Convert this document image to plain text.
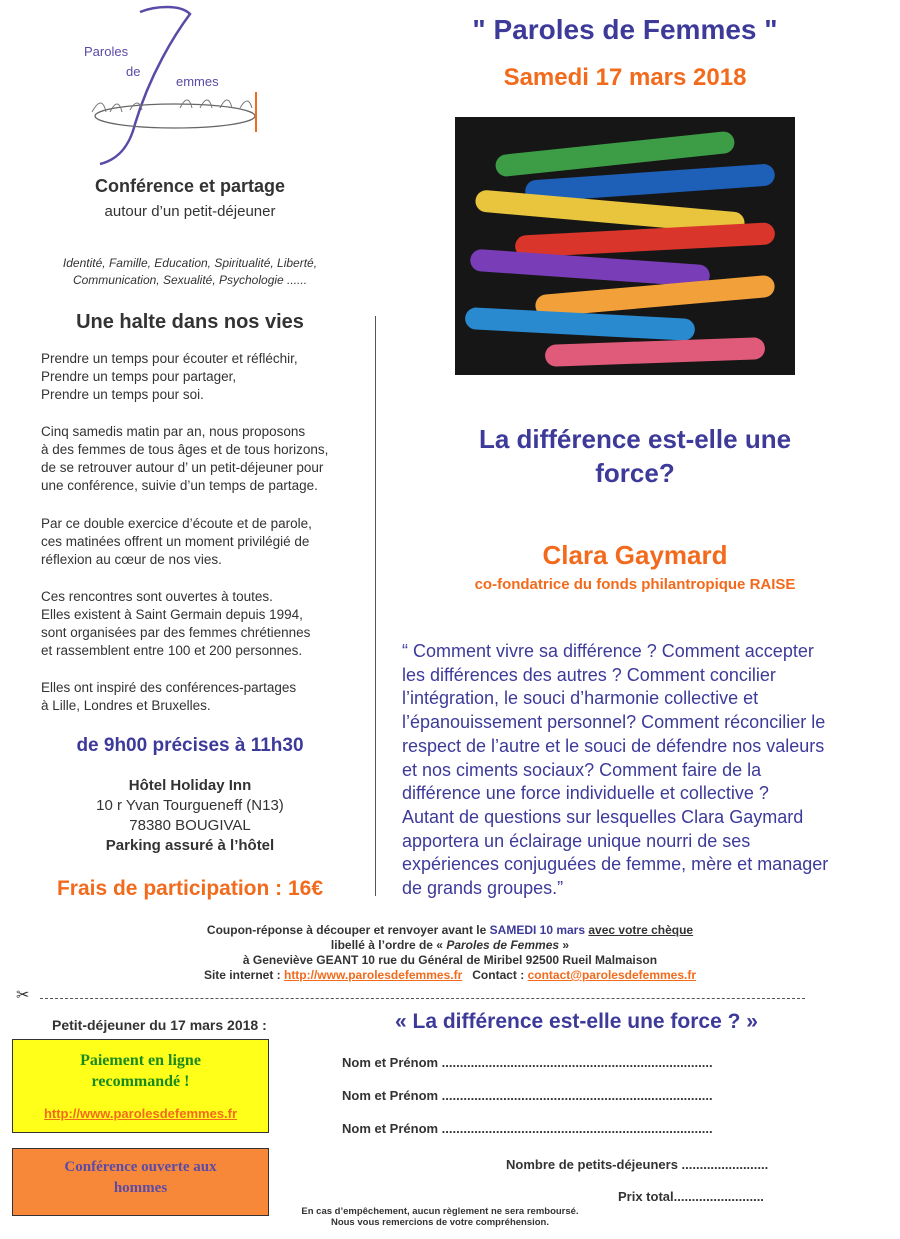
Paroles
de
emmes
" Paroles de Femmes "
Samedi 17 mars 2018
Conférence et partage
autour d’un petit-déjeuner
Identité, Famille, Education, Spiritualité, Liberté,
Communication, Sexualité, Psychologie ......
Une halte dans nos vies
Prendre un temps pour écouter et réfléchir,
Prendre un temps pour partager,
Prendre un temps pour soi.
Cinq samedis matin par an, nous proposons
à des femmes de tous âges et de tous horizons,
de se retrouver autour d’ un petit-déjeuner pour
une conférence, suivie d’un temps de partage.
Par ce double exercice d’écoute et de parole,
ces matinées offrent un moment privilégié de
réflexion au cœur de nos vies.
Ces rencontres sont ouvertes à toutes.
Elles existent à Saint Germain depuis 1994,
sont organisées par des femmes chrétiennes
et rassemblent entre 100 et 200 personnes.
Elles ont inspiré des conférences-partages
à Lille, Londres et Bruxelles.
de 9h00 précises à 11h30
Hôtel Holiday Inn
10 r Yvan Tourgueneff (N13)
78380 BOUGIVAL
Parking assuré à l’hôtel
Frais de participation : 16€
La différence est-elle une
force?
Clara Gaymard
co-fondatrice du fonds philantropique RAISE
“ Comment vivre sa différence ? Comment accepter
les différences des autres ? Comment concilier
l’intégration, le souci d’harmonie collective et
l’épanouissement personnel? Comment réconcilier le
respect de l’autre et le souci de défendre nos valeurs
et nos ciments sociaux? Comment faire de la
différence une force individuelle et collective ?
Autant de questions sur lesquelles Clara Gaymard
apportera un éclairage unique nourri de ses
expériences conjuguées de femme, mère et manager
de grands groupes.”
Coupon-réponse à découper et renvoyer avant le SAMEDI 10 mars avec votre chèque
libellé à l’ordre de « Paroles de Femmes »
à Geneviève GEANT 10 rue du Général de Miribel 92500 Rueil Malmaison
Site internet : http://www.parolesdefemmes.fr   Contact : contact@parolesdefemmes.fr
✂
Petit-déjeuner du 17 mars 2018 :	« La différence est-elle une force ? »
Paiement en ligne
recommandé !
http://www.parolesdefemmes.fr
Conférence ouverte aux
hommes
Nom et Prénom ...........................................................................
Nom et Prénom ...........................................................................
Nom et Prénom ...........................................................................
Nombre de petits-déjeuners ........................
Prix total.........................
En cas d’empêchement, aucun règlement ne sera remboursé.
Nous vous remercions de votre compréhension.
